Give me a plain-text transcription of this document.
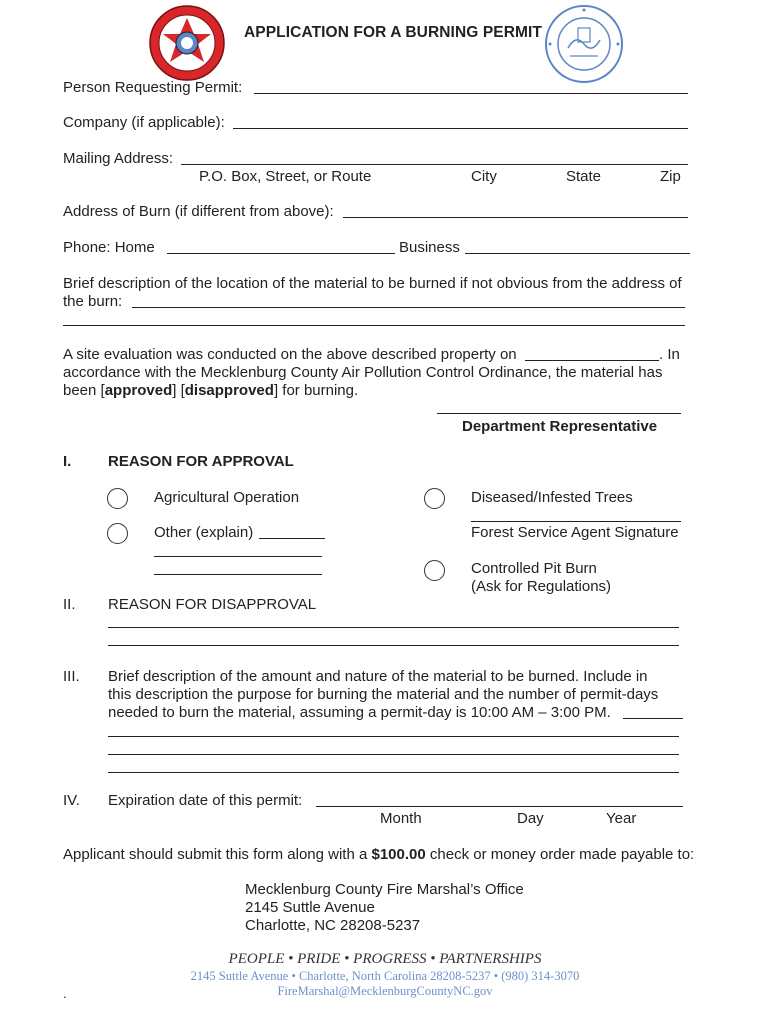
APPLICATION FOR A BURNING PERMIT
Person Requesting Permit:
Company (if applicable):
Mailing Address:
P.O. Box, Street, or Route	City	State	Zip
Address of Burn (if different from above):
Phone: Home	Business
Brief description of the location of the material to be burned if not obvious from the address of
the burn:
A site evaluation was conducted on the above described property on	. In
accordance with the Mecklenburg County Air Pollution Control Ordinance, the material has
been [approved] [disapproved] for burning.
Department Representative
I. REASON FOR APPROVAL
Agricultural Operation	Diseased/Infested Trees
Forest Service Agent Signature
Other (explain)
Controlled Pit Burn
(Ask for Regulations)
II. REASON FOR DISAPPROVAL
III. Brief description of the amount and nature of the material to be burned. Include in
this description the purpose for burning the material and the number of permit-days
needed to burn the material, assuming a permit-day is 10:00 AM – 3:00 PM.
IV. Expiration date of this permit:
Month	Day	Year
Applicant should submit this form along with a $100.00 check or money order made payable to:
Mecklenburg County Fire Marshal’s Office
2145 Suttle Avenue
Charlotte, NC 28208-5237
PEOPLE • PRIDE • PROGRESS • PARTNERSHIPS
2145 Suttle Avenue • Charlotte, North Carolina 28208-5237 • (980) 314-3070
FireMarshal@MecklenburgCountyNC.gov
.
